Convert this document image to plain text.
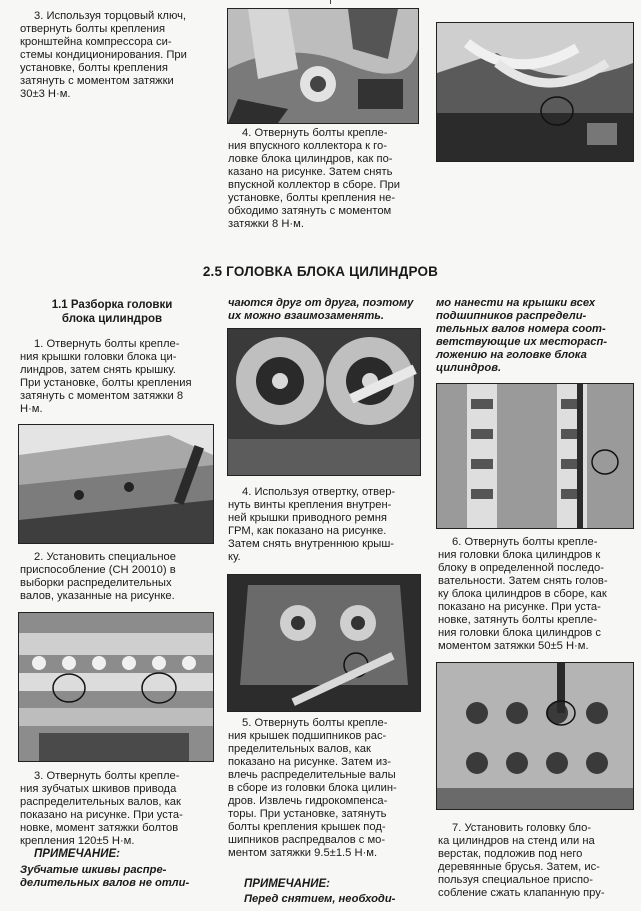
3. Используя торцовый ключ,
отвернуть болты крепления
кронштейна компрессора си-
стемы кондиционирования. При
установке, болты крепления
затянуть с моментом затяжки
30±3 Н·м.

4. Отвернуть болты крепле-
ния впускного коллектора к го-
ловке блока цилиндров, как по-
казано на рисунке. Затем снять
впускной коллектор в сборе. При
установке, болты крепления не-
обходимо затянуть с моментом
затяжки 8 Н·м.

2.5 ГОЛОВКА БЛОКА ЦИЛИНДРОВ
1.1 Разборка головки
блока цилиндров

1. Отвернуть болты крепле-
ния крышки головки блока ци-
линдров, затем снять крышку.
При установке, болты крепления
затянуть с моментом затяжки 8
Н·м.

2. Установить специальное
приспособление (CH 20010) в
выборки распределительных
валов, указанные на рисунке.

3. Отвернуть болты крепле-
ния зубчатых шкивов привода
распределительных валов, как
показано на рисунке. При уста-
новке, момент затяжки болтов
крепления 120±5 Н·м.

ПРИМЕЧАНИЕ:

Зубчатые шкивы распре-
делительных валов не отли-

чаются друг от друга, поэтому
их можно взаимозаменять.

4. Используя отвертку, отвер-
нуть винты крепления внутрен-
ней крышки приводного ремня
ГРМ, как показано на рисунке.
Затем снять внутреннюю крыш-
ку.

5. Отвернуть болты крепле-
ния крышек подшипников рас-
пределительных валов, как
показано на рисунке. Затем из-
влечь распределительные валы
в сборе из головки блока цилин-
дров. Извлечь гидрокомпенса-
торы. При установке, затянуть
болты крепления крышек под-
шипников распредвалов с мо-
ментом затяжки 9.5±1.5 Н·м.

ПРИМЕЧАНИЕ:

Перед снятием, необходи-

мо нанести на крышки всех
подшипников распредели-
тельных валов номера соот-
ветствующие их месторасп-
ложению на головке блока
цилиндров.

6. Отвернуть болты крепле-
ния головки блока цилиндров к
блоку в определенной последо-
вательности. Затем снять голов-
ку блока цилиндров в сборе, как
показано на рисунке. При уста-
новке, затянуть болты крепле-
ния головки блока цилиндров с
моментом затяжки 50±5 Н·м.

7. Установить головку бло-
ка цилиндров на стенд или на
верстак, подложив под него
деревянные брусья. Затем, ис-
пользуя специальное приспо-
собление сжать клапанную пру-
